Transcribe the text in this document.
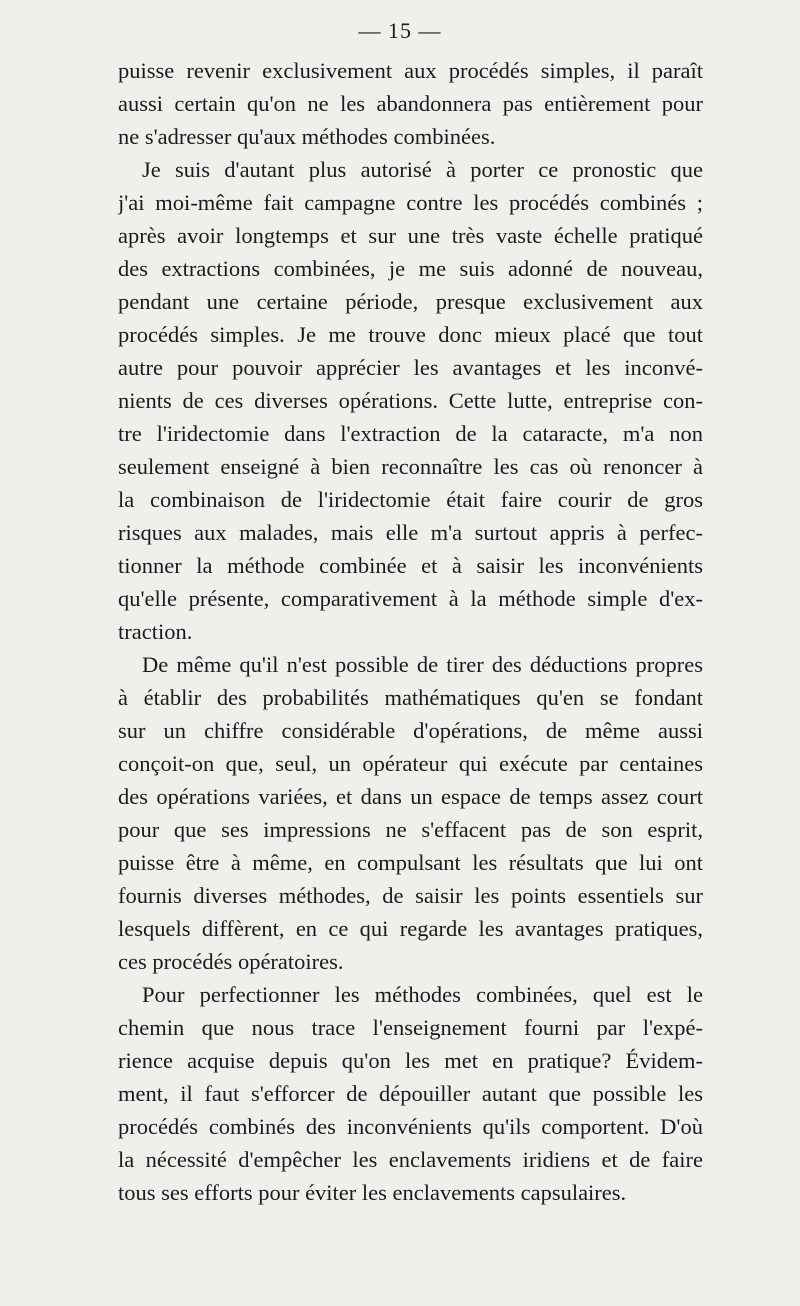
— 15 —
puisse revenir exclusivement aux procédés simples, il paraît
aussi certain qu'on ne les abandonnera pas entièrement pour
ne s'adresser qu'aux méthodes combinées.
Je suis d'autant plus autorisé à porter ce pronostic que
j'ai moi-même fait campagne contre les procédés combinés ;
après avoir longtemps et sur une très vaste échelle pratiqué
des extractions combinées, je me suis adonné de nouveau,
pendant une certaine période, presque exclusivement aux
procédés simples. Je me trouve donc mieux placé que tout
autre pour pouvoir apprécier les avantages et les inconvé-
nients de ces diverses opérations. Cette lutte, entreprise con-
tre l'iridectomie dans l'extraction de la cataracte, m'a non
seulement enseigné à bien reconnaître les cas où renoncer à
la combinaison de l'iridectomie était faire courir de gros
risques aux malades, mais elle m'a surtout appris à perfec-
tionner la méthode combinée et à saisir les inconvénients
qu'elle présente, comparativement à la méthode simple d'ex-
traction.
De même qu'il n'est possible de tirer des déductions propres
à établir des probabilités mathématiques qu'en se fondant
sur un chiffre considérable d'opérations, de même aussi
conçoit-on que, seul, un opérateur qui exécute par centaines
des opérations variées, et dans un espace de temps assez court
pour que ses impressions ne s'effacent pas de son esprit,
puisse être à même, en compulsant les résultats que lui ont
fournis diverses méthodes, de saisir les points essentiels sur
lesquels diffèrent, en ce qui regarde les avantages pratiques,
ces procédés opératoires.
Pour perfectionner les méthodes combinées, quel est le
chemin que nous trace l'enseignement fourni par l'expé-
rience acquise depuis qu'on les met en pratique? Évidem-
ment, il faut s'efforcer de dépouiller autant que possible les
procédés combinés des inconvénients qu'ils comportent. D'où
la nécessité d'empêcher les enclavements iridiens et de faire
tous ses efforts pour éviter les enclavements capsulaires.
